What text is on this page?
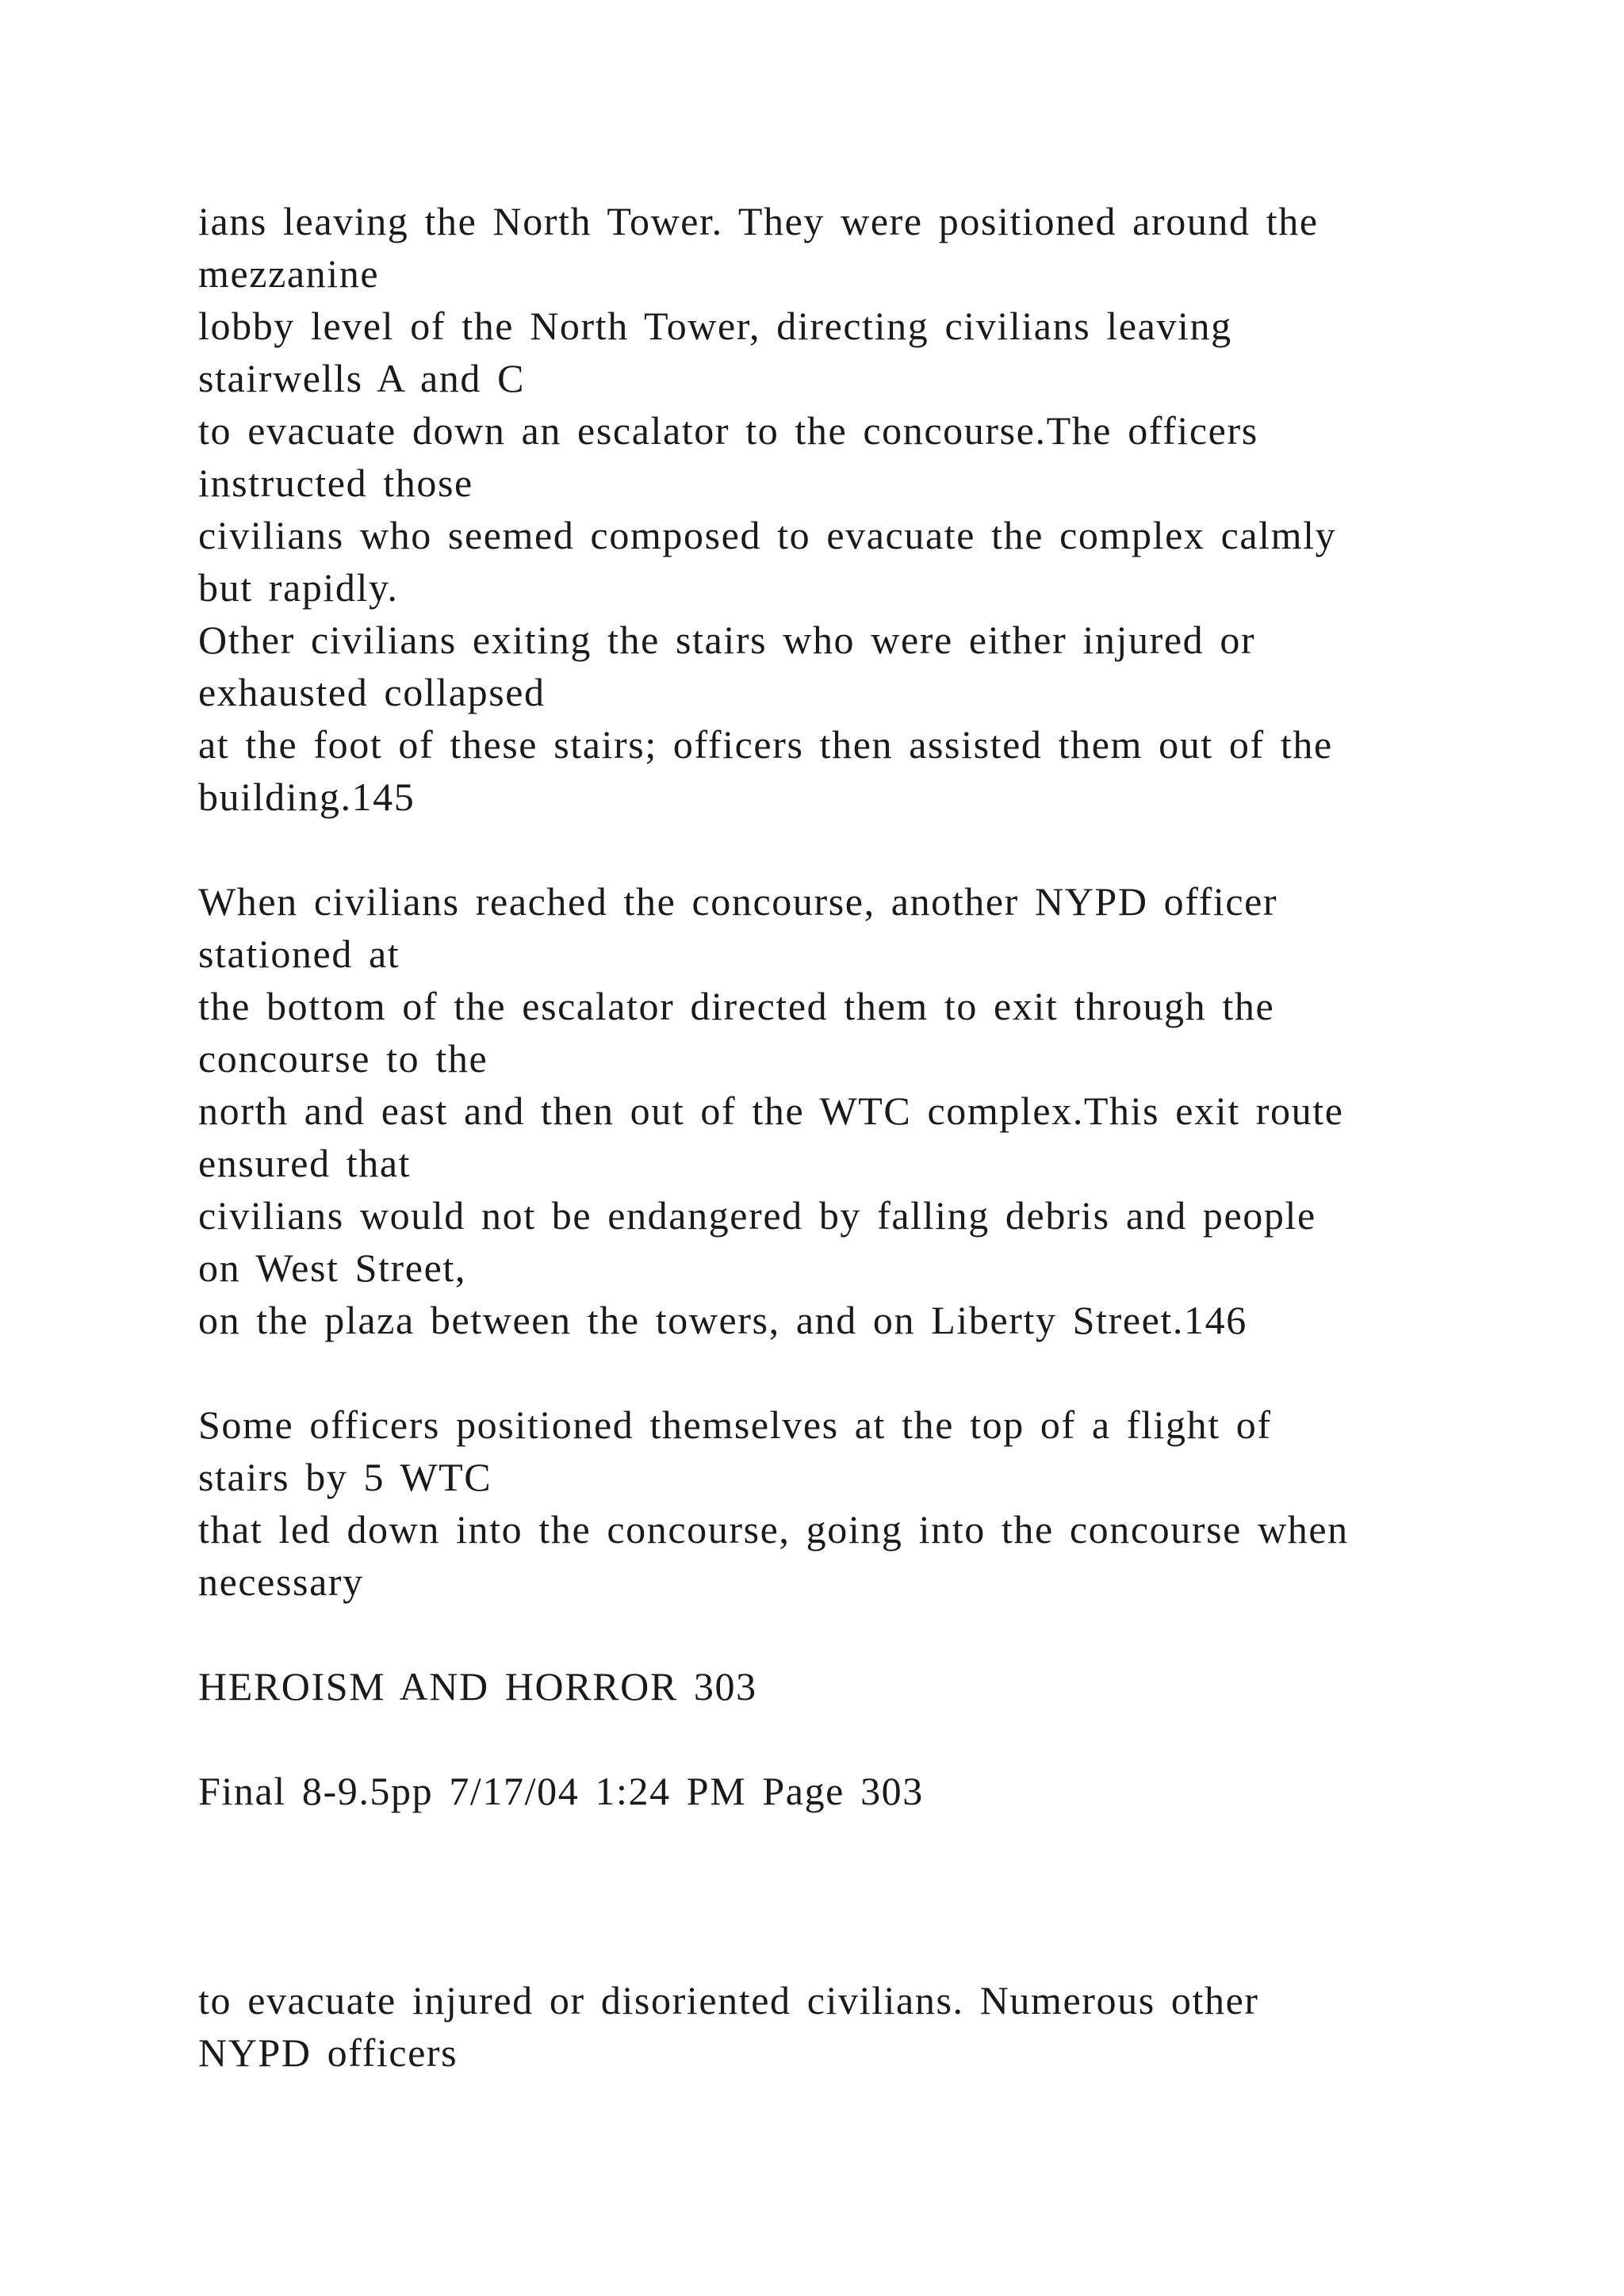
ians leaving the North Tower. They were positioned around the
mezzanine
lobby level of the North Tower, directing civilians leaving
stairwells A and C
to evacuate down an escalator to the concourse.The officers
instructed those
civilians who seemed composed to evacuate the complex calmly
but rapidly.
Other civilians exiting the stairs who were either injured or
exhausted collapsed
at the foot of these stairs; officers then assisted them out of the
building.145
When civilians reached the concourse, another NYPD officer
stationed at
the bottom of the escalator directed them to exit through the
concourse to the
north and east and then out of the WTC complex.This exit route
ensured that
civilians would not be endangered by falling debris and people
on West Street,
on the plaza between the towers, and on Liberty Street.146
Some officers positioned themselves at the top of a flight of
stairs by 5 WTC
that led down into the concourse, going into the concourse when
necessary
HEROISM AND HORROR 303
Final 8-9.5pp 7/17/04 1:24 PM Page 303
to evacuate injured or disoriented civilians. Numerous other
NYPD officers
